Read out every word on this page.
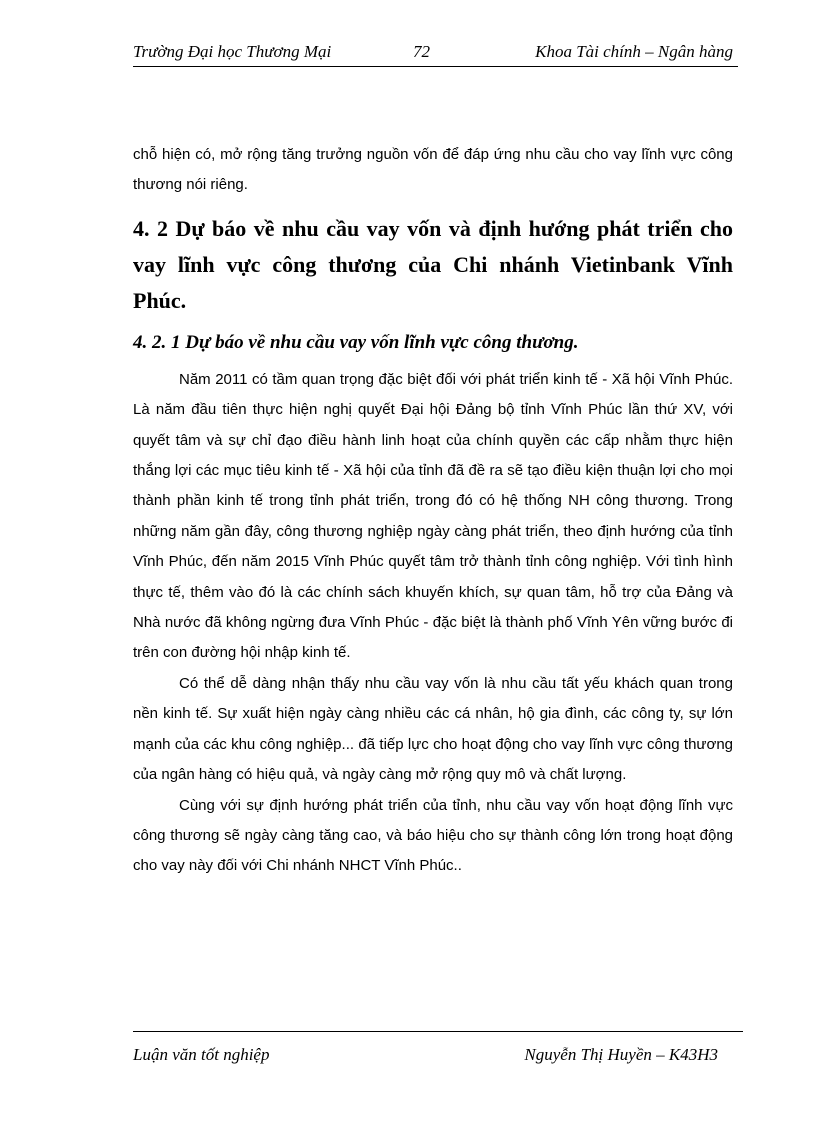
Trường Đại học Thương Mại	72	Khoa Tài chính – Ngân hàng

chỗ hiện có, mở rộng tăng trưởng nguồn vốn để đáp ứng nhu cầu cho vay lĩnh vực công thương nói riêng.

4. 2 Dự báo về nhu cầu vay vốn và định hướng phát triển cho vay lĩnh vực công thương của Chi nhánh Vietinbank Vĩnh Phúc.
4. 2. 1 Dự báo về nhu cầu vay vốn lĩnh vực công thương.

Năm 2011 có tầm quan trọng đặc biệt đối với phát triển kinh tế - Xã hội Vĩnh Phúc. Là năm đầu tiên thực hiện nghị quyết Đại hội Đảng bộ tỉnh Vĩnh Phúc lần thứ XV, với quyết tâm và sự chỉ đạo điều hành linh hoạt của chính quyền các cấp nhằm thực hiện thắng lợi các mục tiêu kinh tế - Xã hội của tỉnh đã đề ra sẽ tạo điều kiện thuận lợi cho mọi thành phần kinh tế trong tỉnh phát triển, trong đó có hệ thống NH công thương. Trong những năm gần đây, công thương nghiệp ngày càng phát triển, theo định hướng của tỉnh Vĩnh Phúc, đến năm 2015 Vĩnh Phúc quyết tâm trở thành tỉnh công nghiệp. Với tình hình thực tế, thêm vào đó là các chính sách khuyến khích, sự quan tâm, hỗ trợ của Đảng và Nhà nước đã không ngừng đưa Vĩnh Phúc - đặc biệt là thành phố Vĩnh Yên vững bước đi trên con đường hội nhập kinh tế.

Có thể dễ dàng nhận thấy nhu cầu vay vốn là nhu cầu tất yếu khách quan trong nền kinh tế. Sự xuất hiện ngày càng nhiều các cá nhân, hộ gia đình, các công ty, sự lớn mạnh của các khu công nghiệp... đã tiếp lực cho hoạt động cho vay lĩnh vực công thương của ngân hàng có hiệu quả, và ngày càng mở rộng quy mô và chất lượng.

Cùng với sự định hướng phát triển của tỉnh, nhu cầu vay vốn hoạt động lĩnh vực công thương sẽ ngày càng tăng cao, và báo hiệu cho sự thành công lớn trong hoạt động cho vay này đối với Chi nhánh NHCT Vĩnh Phúc..

Luận văn tốt nghiệp	Nguyễn Thị Huyền – K43H3
